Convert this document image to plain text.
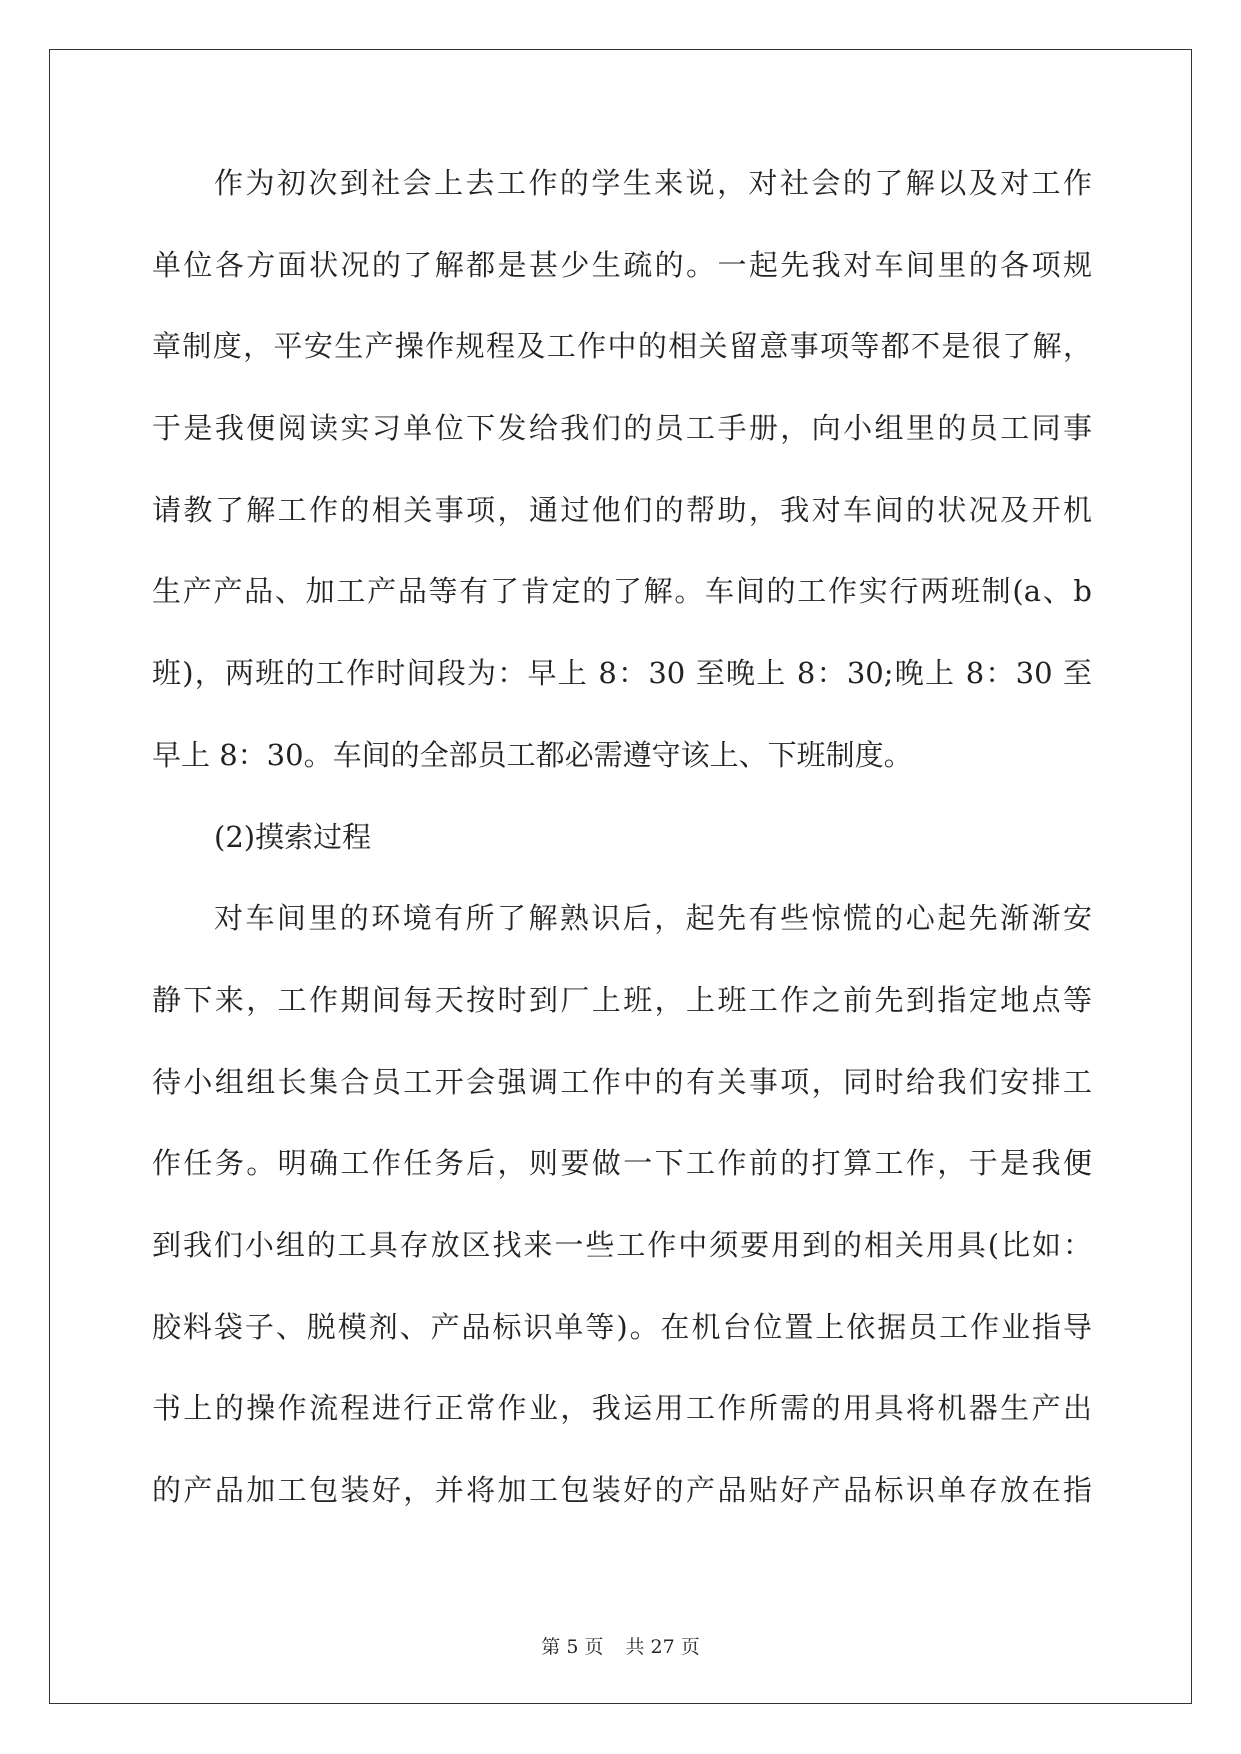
作为初次到社会上去工作的学生来说，对社会的了解以及对工作
单位各方面状况的了解都是甚少生疏的。一起先我对车间里的各项规
章制度，平安生产操作规程及工作中的相关留意事项等都不是很了解，
于是我便阅读实习单位下发给我们的员工手册，向小组里的员工同事
请教了解工作的相关事项，通过他们的帮助，我对车间的状况及开机
生产产品、加工产品等有了肯定的了解。车间的工作实行两班制(a、b
班)，两班的工作时间段为：早上 8：30 至晚上 8：30;晚上 8：30 至
早上 8：30。车间的全部员工都必需遵守该上、下班制度。
(2)摸索过程
对车间里的环境有所了解熟识后，起先有些惊慌的心起先渐渐安
静下来，工作期间每天按时到厂上班，上班工作之前先到指定地点等
待小组组长集合员工开会强调工作中的有关事项，同时给我们安排工
作任务。明确工作任务后，则要做一下工作前的打算工作，于是我便
到我们小组的工具存放区找来一些工作中须要用到的相关用具(比如：
胶料袋子、脱模剂、产品标识单等)。在机台位置上依据员工作业指导
书上的操作流程进行正常作业，我运用工作所需的用具将机器生产出
的产品加工包装好，并将加工包装好的产品贴好产品标识单存放在指
第 5 页 共 27 页
